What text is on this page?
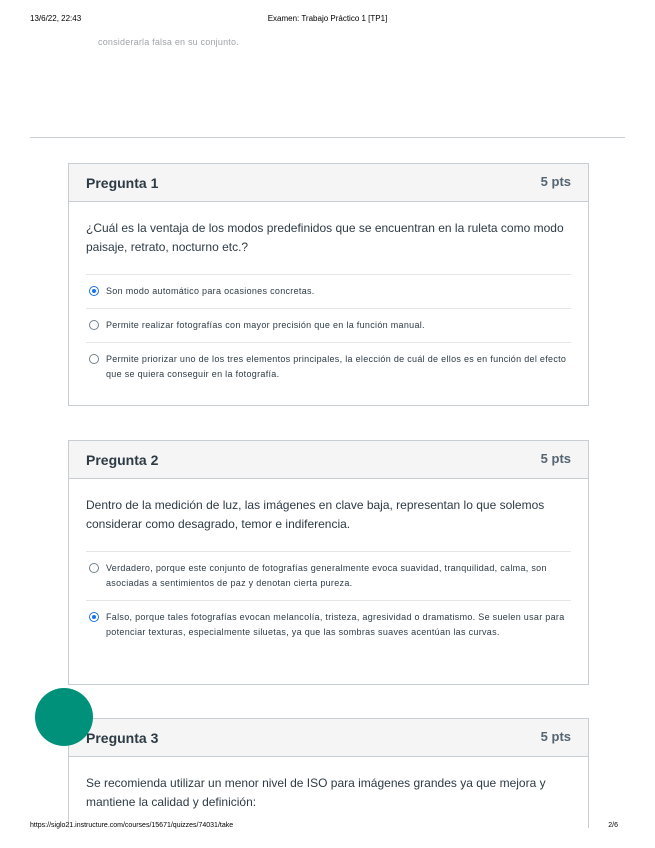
13/6/22, 22:43	Examen: Trabajo Práctico 1 [TP1]
considerarla falsa en su conjunto.
Pregunta 1	5 pts
¿Cuál es la ventaja de los modos predefinidos que se encuentran en la ruleta como modo paisaje, retrato, nocturno etc.?
Son modo automático para ocasiones concretas.
Permite realizar fotografías con mayor precisión que en la función manual.
Permite priorizar uno de los tres elementos principales, la elección de cuál de ellos es en función del efecto que se quiera conseguir en la fotografía.
Pregunta 2	5 pts
Dentro de la medición de luz, las imágenes en clave baja, representan lo que solemos considerar como desagrado, temor e indiferencia.
Verdadero, porque este conjunto de fotografías generalmente evoca suavidad, tranquilidad, calma, son asociadas a sentimientos de paz y denotan cierta pureza.
Falso, porque tales fotografías evocan melancolía, tristeza, agresividad o dramatismo. Se suelen usar para potenciar texturas, especialmente siluetas, ya que las sombras suaves acentúan las curvas.
Pregunta 3	5 pts
Se recomienda utilizar un menor nivel de ISO para imágenes grandes ya que mejora y mantiene la calidad y definición:
https://siglo21.instructure.com/courses/15671/quizzes/74031/take	2/6
